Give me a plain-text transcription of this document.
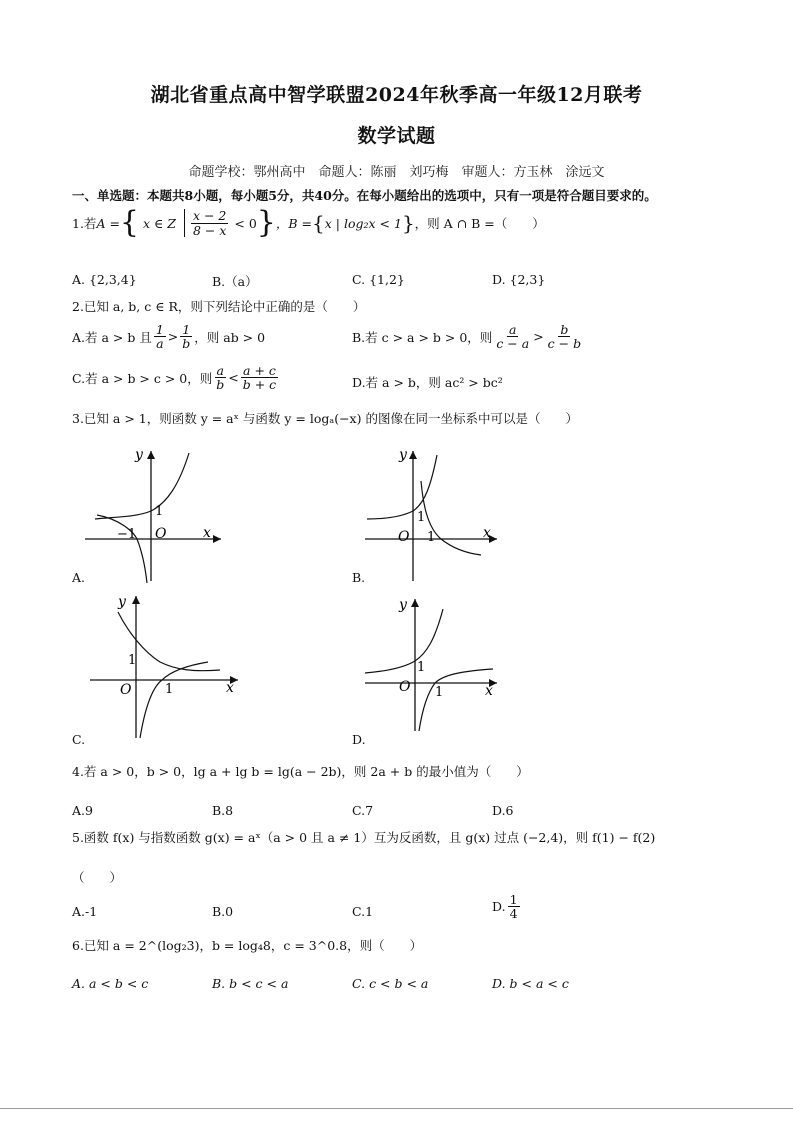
湖北省重点高中智学联盟2024年秋季高一年级12月联考
数学试题
命题学校：鄂州高中　命题人：陈丽　刘巧梅　审题人：方玉林　涂远文
一、单选题：本题共8小题，每小题5分，共40分。在每小题给出的选项中，只有一项是符合题目要求的。
1.若 A = { x ∈ Z $\frac{x - 2}{8 - x} < 0$ } ，B = { x | log₂x < 1 } ，则 A ∩ B =（　　）
A. {2,3,4}	B.（a）	C. {1,2}	D. {2,3}
2.已知 a, b, c ∈ R，则下列结论中正确的是（　　）
A.若 a > b 且 $\frac{1}{a} > \frac{1}{b}$ ，则 ab > 0	B.若 c > a > b > 0，则 $\frac{a}{c - a} > \frac{b}{c - b}$
C.若 a > b > c > 0，则 $\frac{a}{b} < \frac{a + c}{b + c}$	D.若 a > b，则 ac² > bc²
3.已知 a > 1，则函数 y = aˣ 与函数 y = logₐ(−x) 的图像在同一坐标系中可以是（　　）
y
x
O
1
−1
A.
y
x
O
1
1
B.
y
x
O
1
1
C.
y
x
O
1
1
D.
4.若 a > 0，b > 0，lg a + lg b = lg(a − 2b)，则 2a + b 的最小值为（　　）
A.9	B.8	C.7	D.6
5.函数 f(x) 与指数函数 g(x) = aˣ（a > 0 且 a ≠ 1）互为反函数，且 g(x) 过点 (−2,4)，则 f(1) − f(2)
（　　）
A.-1	B.0	C.1	D. $\frac{1}{4}$
6.已知 a = 2^(log₂3)，b = log₄8，c = 3^0.8，则（　　）
A. a < b < c	B. b < c < a	C. c < b < a	D. b < a < c
